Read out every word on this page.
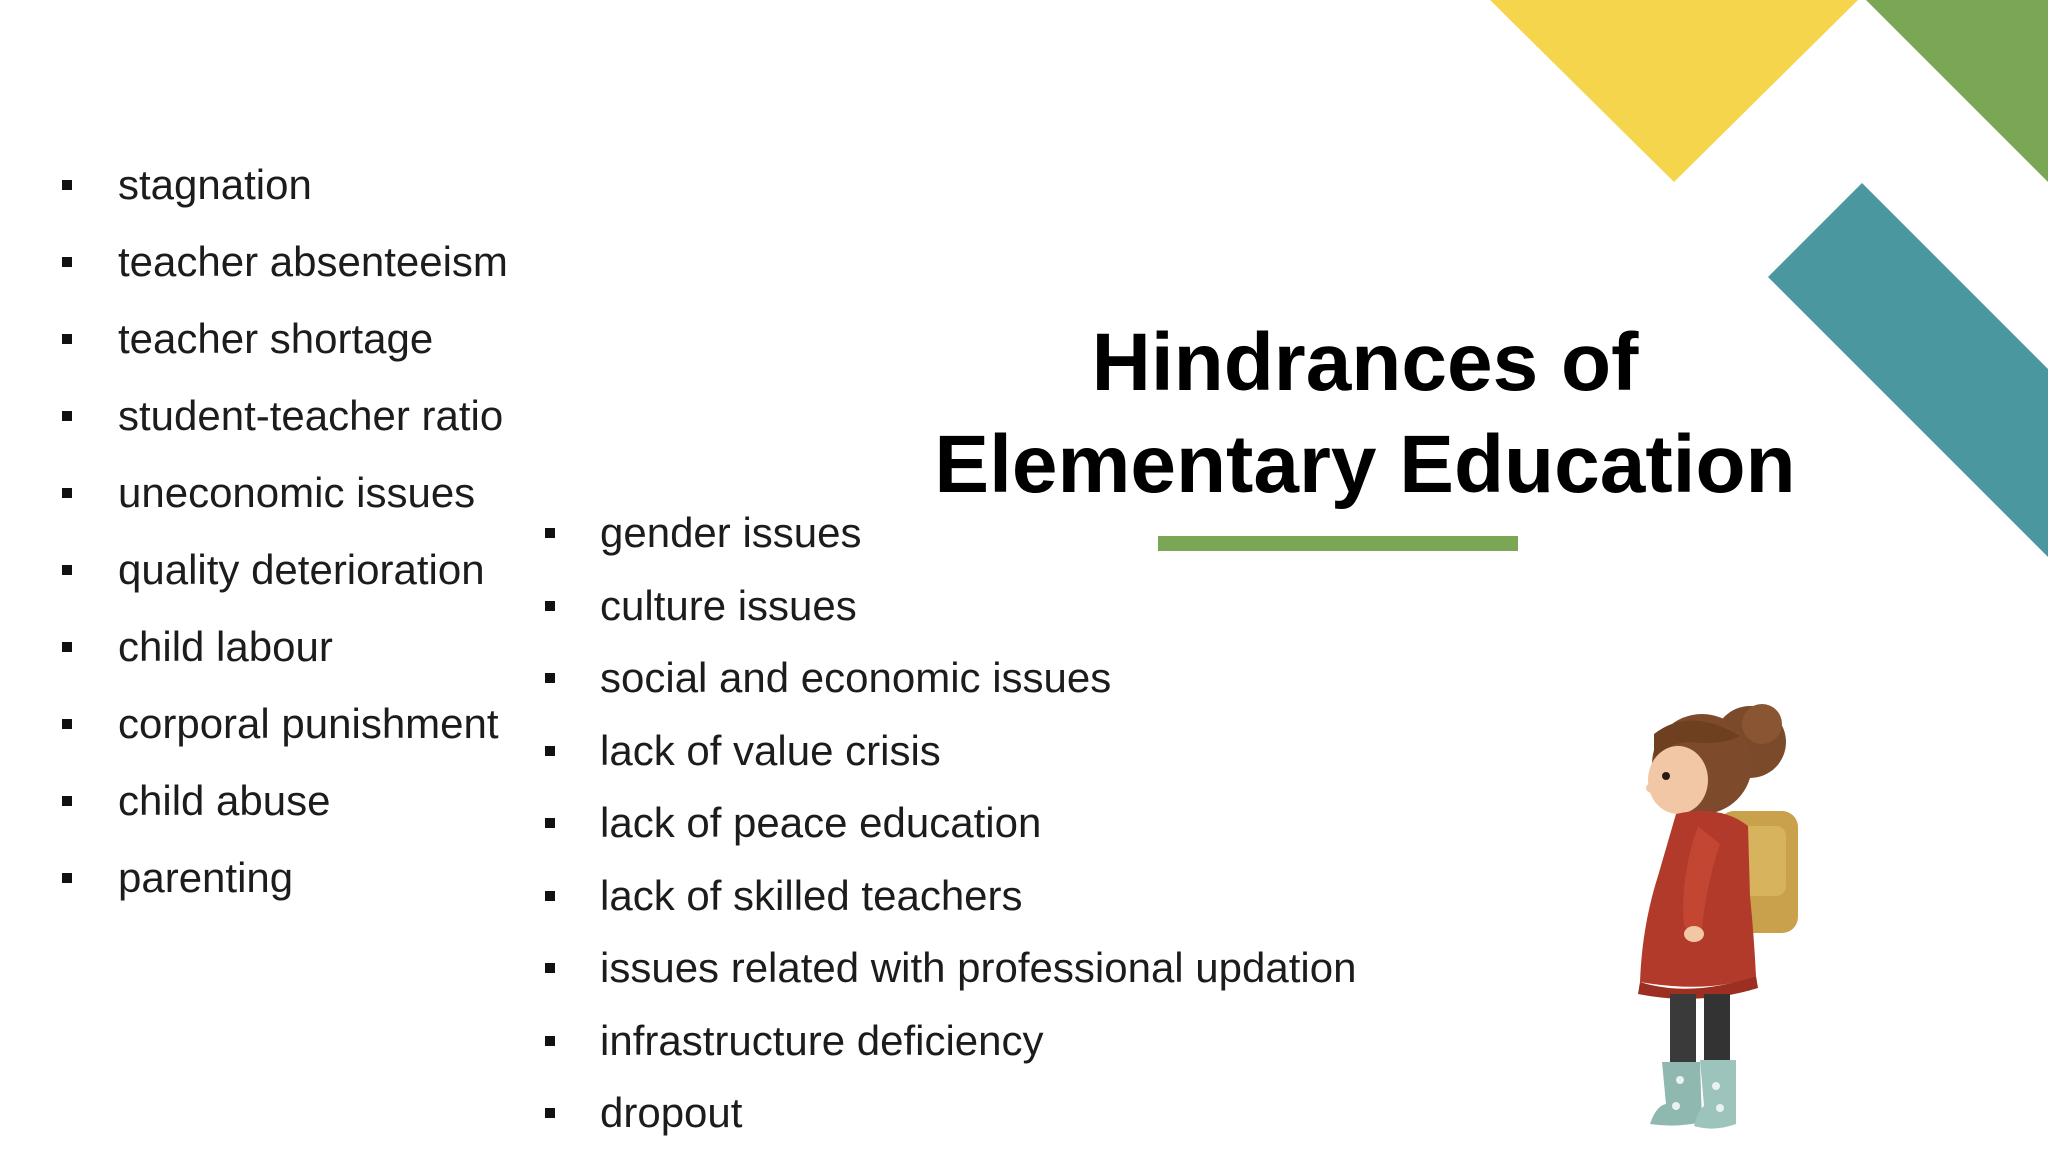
Hindrances of
Elementary Education
stagnation
teacher absenteeism
teacher shortage
student-teacher ratio
uneconomic issues
quality deterioration
child labour
corporal punishment
child abuse
parenting
gender issues
culture issues
social and economic issues
lack of value crisis
lack of peace education
lack of skilled teachers
issues related with professional updation
infrastructure deficiency
dropout
